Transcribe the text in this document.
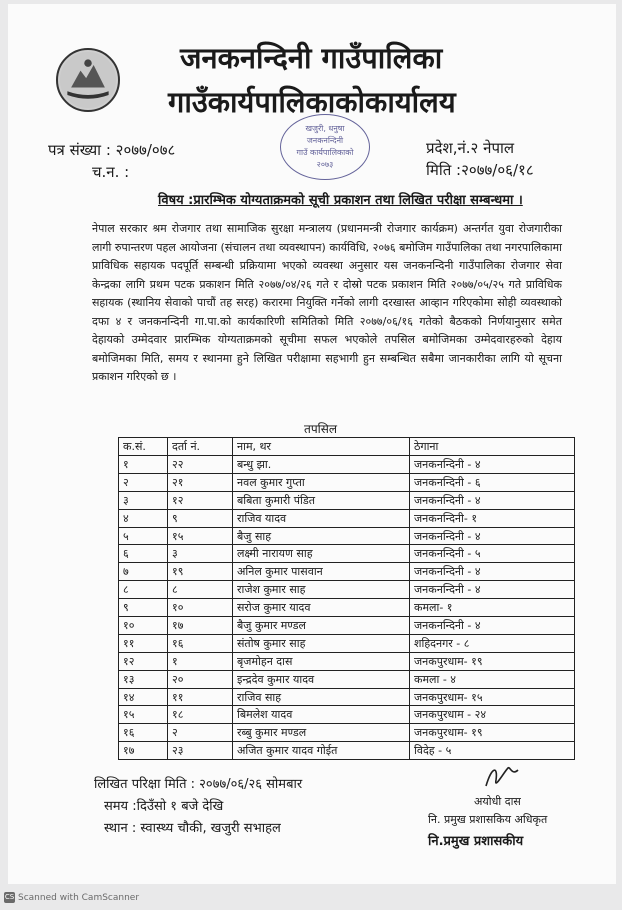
जनकनन्दिनी गाउँपालिका
गाउँकार्यपालिकाकोकार्यालय
खजुरी, धनुषा
जनकनन्दिनी
गाउँ कार्यपालिकाको
२०७३
पत्र संख्या : २०७७/०७८
च.न. :
प्रदेश,नं.२ नेपाल
मिति :२०७७/०६/१८
विषय :प्रारम्भिक योग्यताक्रमको सूची प्रकाशन तथा लिखित परीक्षा सम्बन्धमा ।
नेपाल सरकार श्रम रोजगार तथा सामाजिक सुरक्षा मन्त्रालय (प्रधानमन्त्री रोजगार कार्यक्रम) अन्तर्गत युवा रोजगारीका लागी रुपान्तरण पहल आयोजना (संचालन तथा व्यवस्थापन) कार्यविधि, २०७६ बमोजिम गाउँपालिका तथा नगरपालिकामा प्राविधिक सहायक पदपूर्ति सम्बन्धी प्रक्रियामा भएको व्यवस्था अनुसार यस जनकनन्दिनी गाउँपालिका रोजगार सेवा केन्द्रका लागि प्रथम पटक प्रकाशन मिति २०७७/०४/२६ गते र दोस्रो पटक प्रकाशन मिति २०७७/०५/२५ गते प्राविधिक सहायक (स्थानिय सेवाको पाचौं तह सरह) करारमा नियुक्ति गर्नेको लागी दरखास्त आव्हान गरिएकोमा सोही व्यवस्थाको दफा ४ र जनकनन्दिनी गा.पा.को कार्यकारिणी समितिको मिति २०७७/०६/१६ गतेको बैठकको निर्णयानुसार समेत देहायको उम्मेदवार प्रारम्भिक योग्यताक्रमको सूचीमा सफल भएकोले तपसिल बमोजिमका उम्मेदवारहरुको देहाय बमोजिमका मिति, समय र स्थानमा हुने लिखित परीक्षामा सहभागी हुन सम्बन्धित सबैमा जानकारीका लागि यो सूचना प्रकाशन गरिएको छ ।
तपसिल
क.सं.	दर्ता नं.	नाम, थर	ठेगाना
१	२२	बन्धु झा.	जनकनन्दिनी - ४
२	२१	नवल कुमार गुप्ता	जनकनन्दिनी - ६
३	१२	बबिता कुमारी पंडित	जनकनन्दिनी - ४
४	९	राजिव यादव	जनकनन्दिनी- १
५	१५	बैजु साह	जनकनन्दिनी - ४
६	३	लक्ष्मी नारायण साह	जनकनन्दिनी - ५
७	१९	अनिल कुमार पासवान	जनकनन्दिनी - ४
८	८	राजेश कुमार साह	जनकनन्दिनी - ४
९	१०	सरोज कुमार यादव	कमला- १
१०	१७	बैजु कुमार मण्डल	जनकनन्दिनी - ४
११	१६	संतोष कुमार साह	शहिदनगर - ८
१२	१	बृजमोहन दास	जनकपुरधाम- १९
१३	२०	इन्द्रदेव कुमार यादव	कमला - ४
१४	११	राजिव साह	जनकपुरधाम- १५
१५	१८	बिमलेश यादव	जनकपुरधाम - २४
१६	२	रब्बु कुमार मण्डल	जनकपुरधाम- १९
१७	२३	अजित कुमार यादव गोईत	विदेह - ५
लिखित परिक्षा मिति : २०७७/०६/२६ सोमबार
समय :दिउँसो १ बजे देखि
स्थान : स्वास्थ्य चौकी, खजुरी सभाहल
अयोधी दास
नि. प्रमुख प्रशासकिय अधिकृत
नि.प्रमुख प्रशासकीय
CS Scanned with CamScanner
